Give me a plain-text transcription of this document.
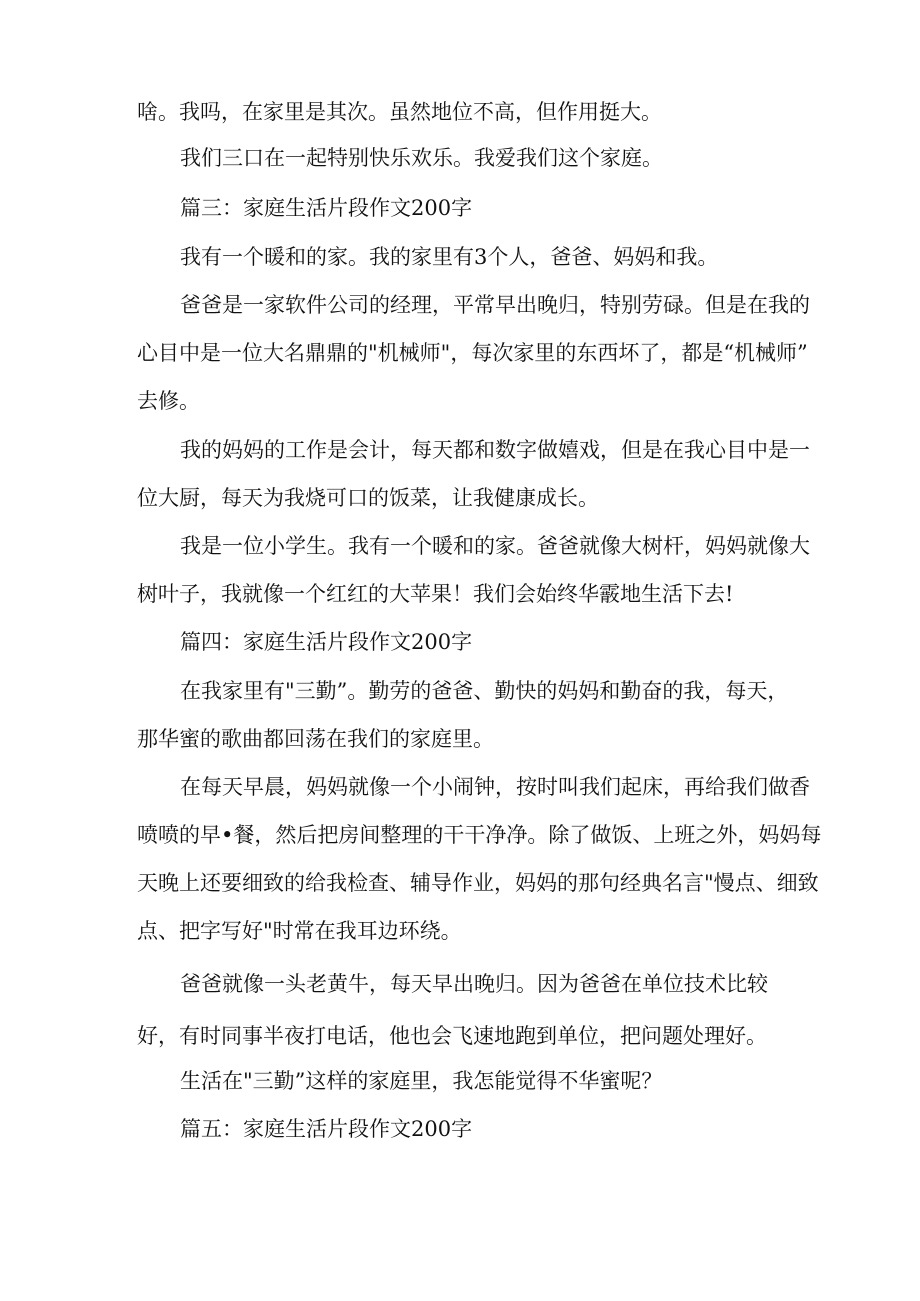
啥。我吗，在家里是其次。虽然地位不高，但作用挺大。

我们三口在一起特别快乐欢乐。我爱我们这个家庭。

篇三：家庭生活片段作文200字

我有一个暖和的家。我的家里有3个人，爸爸、妈妈和我。

爸爸是一家软件公司的经理，平常早出晚归，特别劳碌。但是在我的

心目中是一位大名鼎鼎的"机械师"，每次家里的东西坏了，都是“机械师”

去修。

我的妈妈的工作是会计，每天都和数字做嬉戏，但是在我心目中是一

位大厨，每天为我烧可口的饭菜，让我健康成长。

我是一位小学生。我有一个暖和的家。爸爸就像大树杆，妈妈就像大

树叶子，我就像一个红红的大苹果！我们会始终华霰地生活下去!

篇四：家庭生活片段作文200字

在我家里有"三勤”。勤劳的爸爸、勤快的妈妈和勤奋的我，每天，

那华蜜的歌曲都回荡在我们的家庭里。

在每天早晨，妈妈就像一个小闹钟，按时叫我们起床，再给我们做香

喷喷的早•餐，然后把房间整理的干干净净。除了做饭、上班之外，妈妈每

天晚上还要细致的给我检查、辅导作业，妈妈的那句经典名言"慢点、细致

点、把字写好"时常在我耳边环绕。

爸爸就像一头老黄牛，每天早出晚归。因为爸爸在单位技术比较

好，有时同事半夜打电话，他也会飞速地跑到单位，把问题处理好。

生活在"三勤”这样的家庭里，我怎能觉得不华蜜呢？

篇五：家庭生活片段作文200字
